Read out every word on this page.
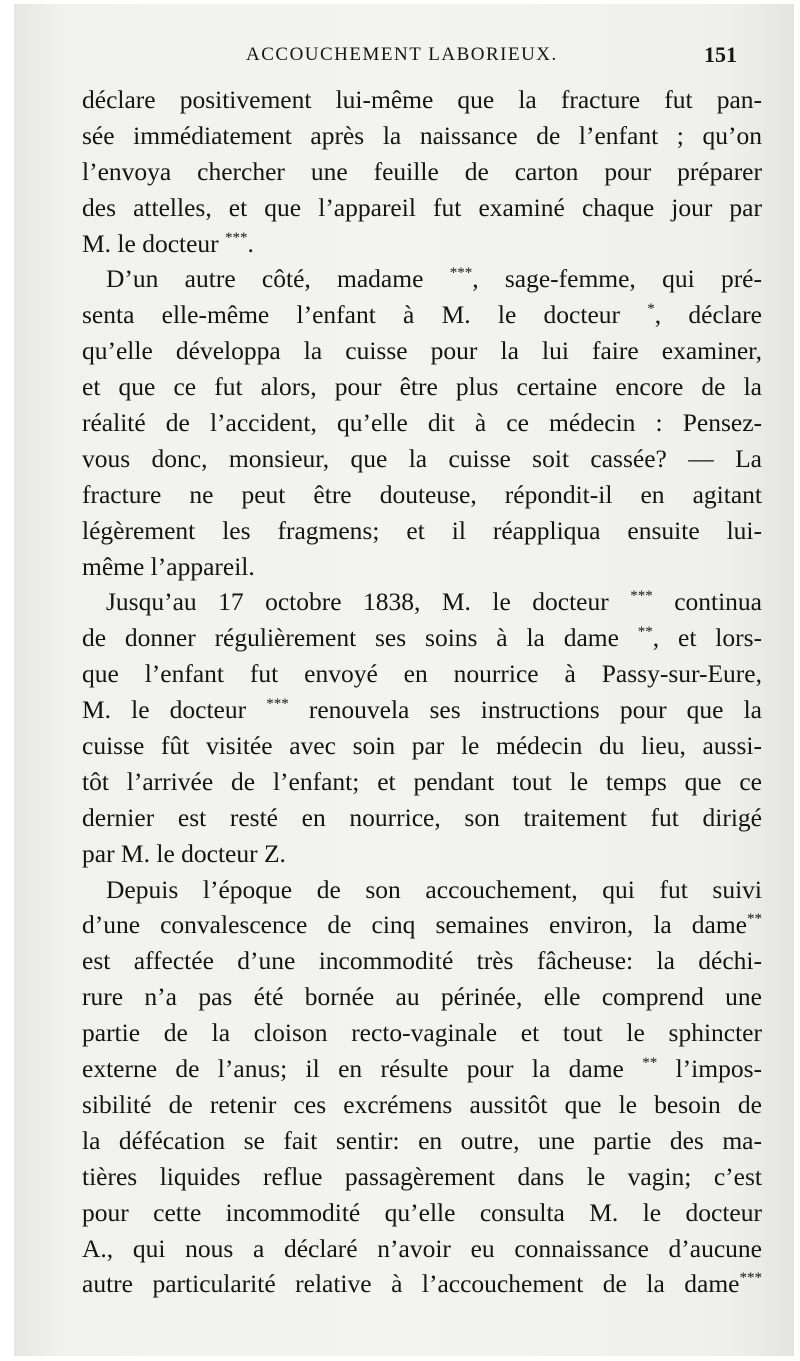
ACCOUCHEMENT LABORIEUX.	151
déclare positivement lui-même que la fracture fut pan-
sée immédiatement après la naissance de l’enfant ; qu’on
l’envoya chercher une feuille de carton pour préparer
des attelles, et que l’appareil fut examiné chaque jour par
M. le docteur ***.
D’un autre côté, madame ***, sage-femme, qui pré-
senta elle-même l’enfant à M. le docteur *, déclare
qu’elle développa la cuisse pour la lui faire examiner,
et que ce fut alors, pour être plus certaine encore de la
réalité de l’accident, qu’elle dit à ce médecin : Pensez-
vous donc, monsieur, que la cuisse soit cassée? — La
fracture ne peut être douteuse, répondit-il en agitant
légèrement les fragmens; et il réappliqua ensuite lui-
même l’appareil.
Jusqu’au 17 octobre 1838, M. le docteur *** continua
de donner régulièrement ses soins à la dame **, et lors-
que l’enfant fut envoyé en nourrice à Passy-sur-Eure,
M. le docteur *** renouvela ses instructions pour que la
cuisse fût visitée avec soin par le médecin du lieu, aussi-
tôt l’arrivée de l’enfant; et pendant tout le temps que ce
dernier est resté en nourrice, son traitement fut dirigé
par M. le docteur Z.
Depuis l’époque de son accouchement, qui fut suivi
d’une convalescence de cinq semaines environ, la dame**
est affectée d’une incommodité très fâcheuse: la déchi-
rure n’a pas été bornée au périnée, elle comprend une
partie de la cloison recto-vaginale et tout le sphincter
externe de l’anus; il en résulte pour la dame ** l’impos-
sibilité de retenir ces excrémens aussitôt que le besoin de
la défécation se fait sentir: en outre, une partie des ma-
tières liquides reflue passagèrement dans le vagin; c’est
pour cette incommodité qu’elle consulta M. le docteur
A., qui nous a déclaré n’avoir eu connaissance d’aucune
autre particularité relative à l’accouchement de la dame***
